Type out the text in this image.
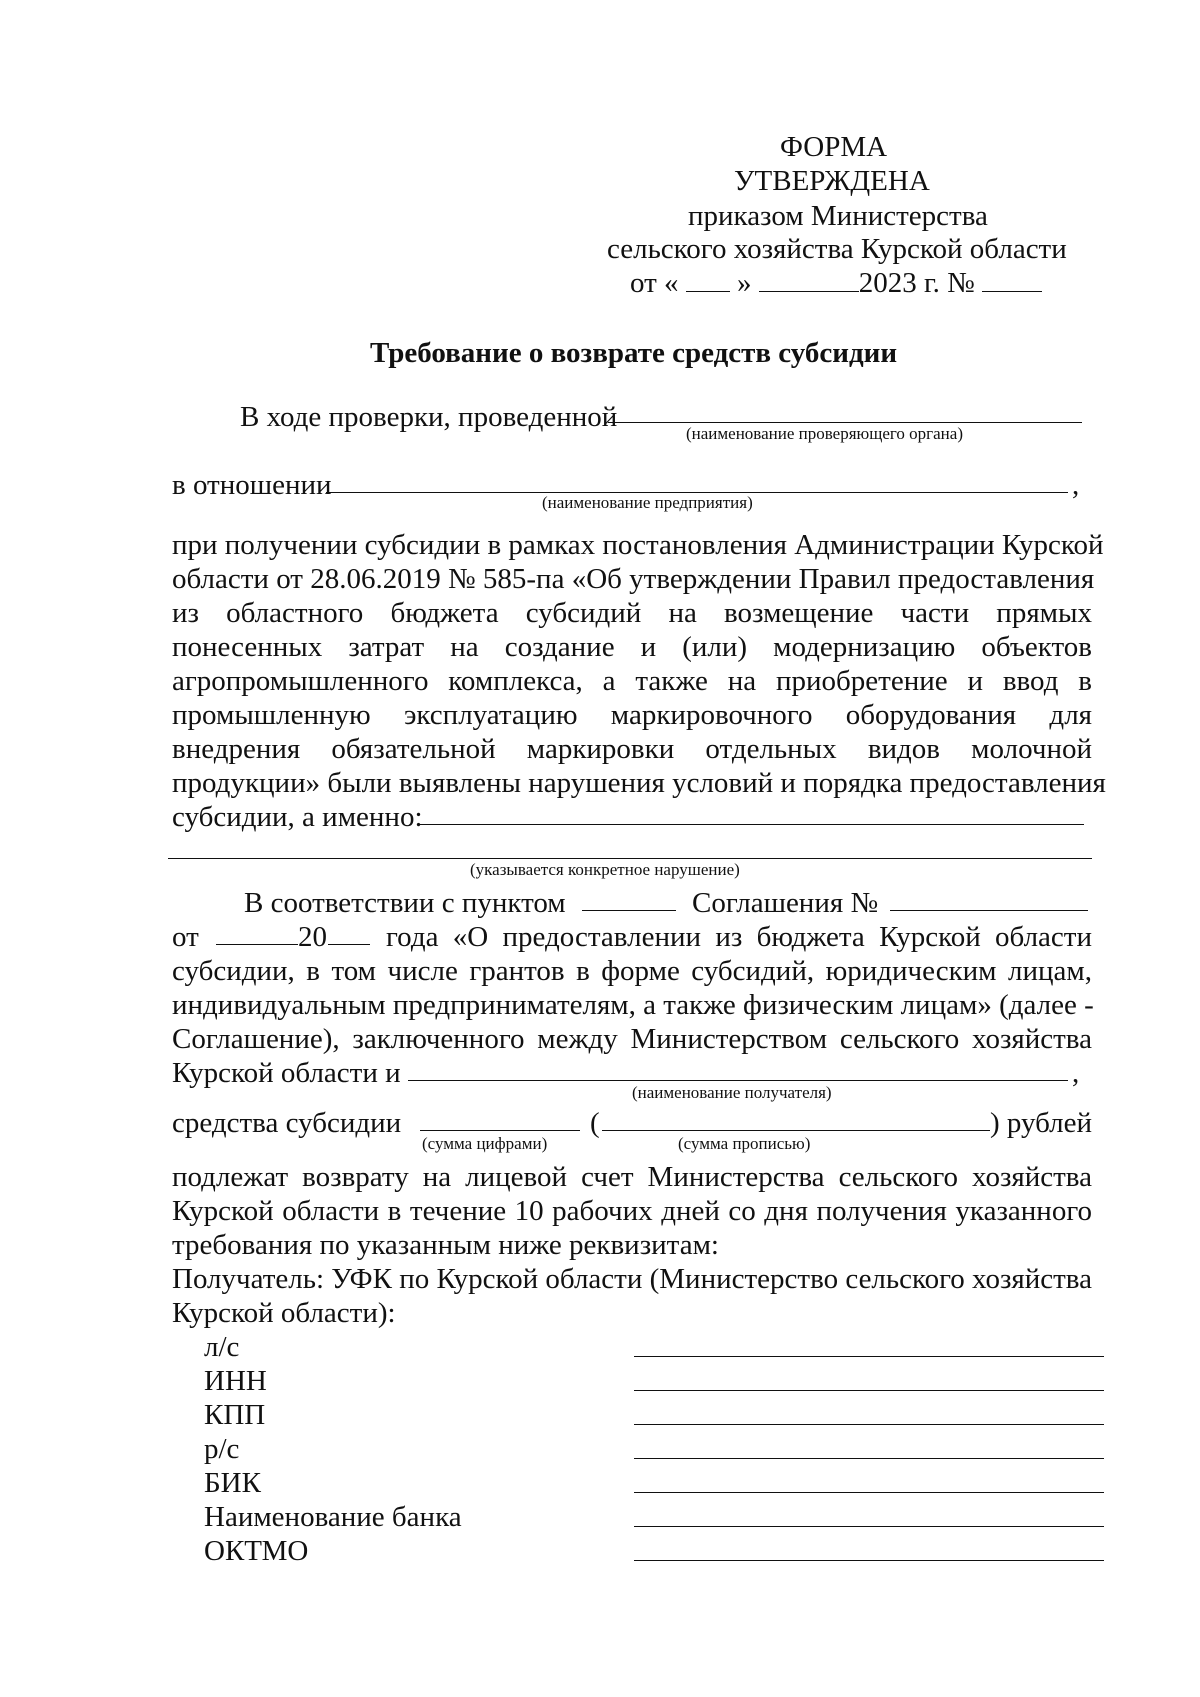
ФОРМА
УТВЕРЖДЕНА
приказом Министерства
сельского хозяйства Курской области
от « »	2023 г. №
Требование о возврате средств субсидии
В ходе проверки, проведенной
(наименование проверяющего органа)
в отношении	,
(наименование предприятия)
при получении субсидии в рамках постановления Администрации Курской
области от 28.06.2019 № 585-па «Об утверждении Правил предоставления
из областного бюджета субсидий на возмещение части прямых
понесенных затрат на создание и (или) модернизацию объектов
агропромышленного комплекса, а также на приобретение и ввод в
промышленную эксплуатацию маркировочного оборудования для
внедрения обязательной маркировки отдельных видов молочной
продукции» были выявлены нарушения условий и порядка предоставления
субсидии, а именно:
(указывается конкретное нарушение)
В соответствии с пунктом	Соглашения №
от	20 года «О предоставлении из бюджета Курской области
субсидии, в том числе грантов в форме субсидий, юридическим лицам,
индивидуальным предпринимателям, а также физическим лицам» (далее -
Соглашение), заключенного между Министерством сельского хозяйства
Курской области и	,
(наименование получателя)
средства субсидии	(	) рублей
(сумма цифрами)	(сумма прописью)
подлежат возврату на лицевой счет Министерства сельского хозяйства
Курской области в течение 10 рабочих дней со дня получения указанного
требования по указанным ниже реквизитам:
Получатель: УФК по Курской области (Министерство сельского хозяйства
Курской области):
л/с
ИНН
КПП
р/с
БИК
Наименование банка
ОКТМО
